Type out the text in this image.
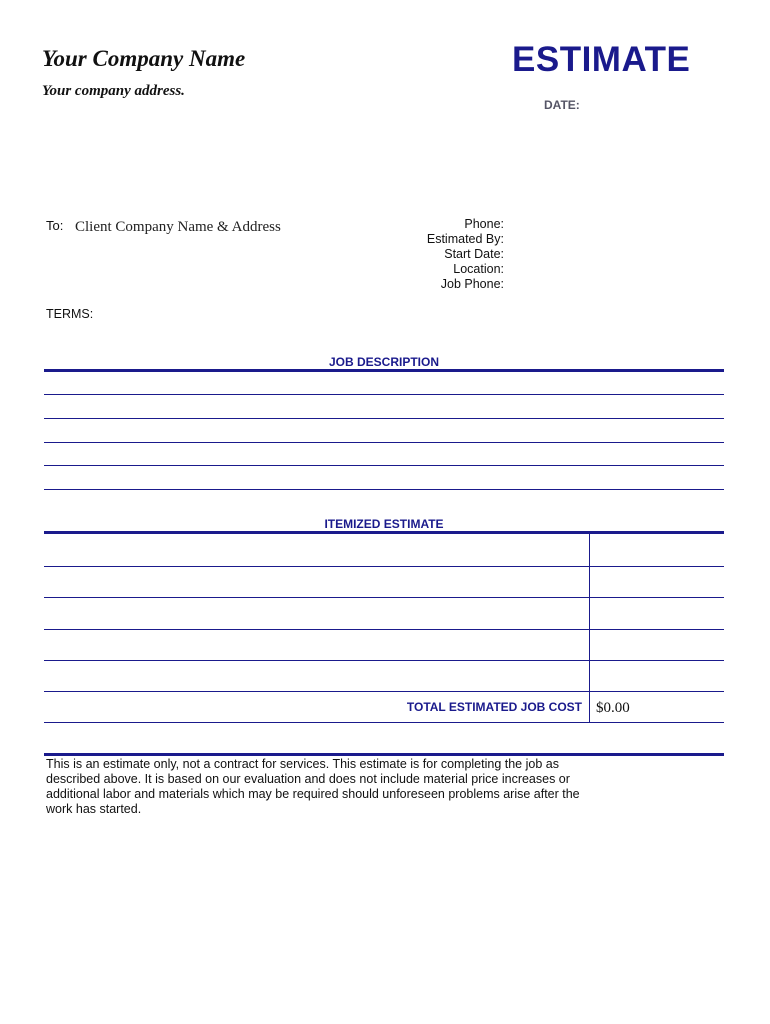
Your Company Name
Your company address.
ESTIMATE
DATE:
To: Client Company Name & Address	Phone:
Estimated By:
Start Date:
Location:
Job Phone:
TERMS:
JOB DESCRIPTION
ITEMIZED ESTIMATE
TOTAL ESTIMATED JOB COST $0.00
This is an estimate only, not a contract for services. This estimate is for completing the job as described above. It is based on our evaluation and does not include material price increases or additional labor and materials which may be required should unforeseen problems arise after the work has started.
